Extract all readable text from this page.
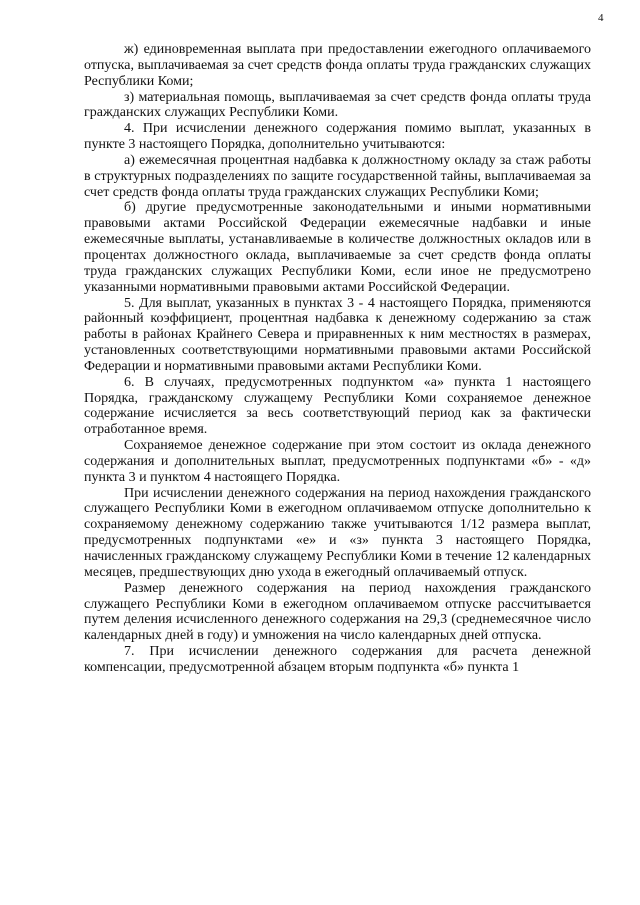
4

ж) единовременная выплата при предоставлении ежегодного оплачиваемого отпуска, выплачиваемая за счет средств фонда оплаты труда гражданских служащих Республики Коми;

з) материальная помощь, выплачиваемая за счет средств фонда оплаты труда гражданских служащих Республики Коми.

4. При исчислении денежного содержания помимо выплат, указанных в пункте 3 настоящего Порядка, дополнительно учитываются:

а) ежемесячная процентная надбавка к должностному окладу за стаж работы в структурных подразделениях по защите государственной тайны, выплачиваемая за счет средств фонда оплаты труда гражданских служащих Республики Коми;

б) другие предусмотренные законодательными и иными нормативными правовыми актами Российской Федерации ежемесячные надбавки и иные ежемесячные выплаты, устанавливаемые в количестве должностных окладов или в процентах должностного оклада, выплачиваемые за счет средств фонда оплаты труда гражданских служащих Республики Коми, если иное не предусмотрено указанными нормативными правовыми актами Российской Федерации.

5. Для выплат, указанных в пунктах 3 - 4 настоящего Порядка, применяются районный коэффициент, процентная надбавка к денежному содержанию за стаж работы в районах Крайнего Севера и приравненных к ним местностях в размерах, установленных соответствующими нормативными правовыми актами Российской Федерации и нормативными правовыми актами Республики Коми.

6. В случаях, предусмотренных подпунктом «а» пункта 1 настоящего Порядка, гражданскому служащему Республики Коми сохраняемое денежное содержание исчисляется за весь соответствующий период как за фактически отработанное время.

Сохраняемое денежное содержание при этом состоит из оклада денежного содержания и дополнительных выплат, предусмотренных подпунктами «б» - «д» пункта 3 и пунктом 4 настоящего Порядка.

При исчислении денежного содержания на период нахождения гражданского служащего Республики Коми в ежегодном оплачиваемом отпуске дополнительно к сохраняемому денежному содержанию также учитываются 1/12 размера выплат, предусмотренных подпунктами «е» и «з» пункта 3 настоящего Порядка, начисленных гражданскому служащему Республики Коми в течение 12 календарных месяцев, предшествующих дню ухода в ежегодный оплачиваемый отпуск.

Размер денежного содержания на период нахождения гражданского служащего Республики Коми в ежегодном оплачиваемом отпуске рассчитывается путем деления исчисленного денежного содержания на 29,3 (среднемесячное число календарных дней в году) и умножения на число календарных дней отпуска.

7. При исчислении денежного содержания для расчета денежной компенсации, предусмотренной абзацем вторым подпункта «б» пункта 1
